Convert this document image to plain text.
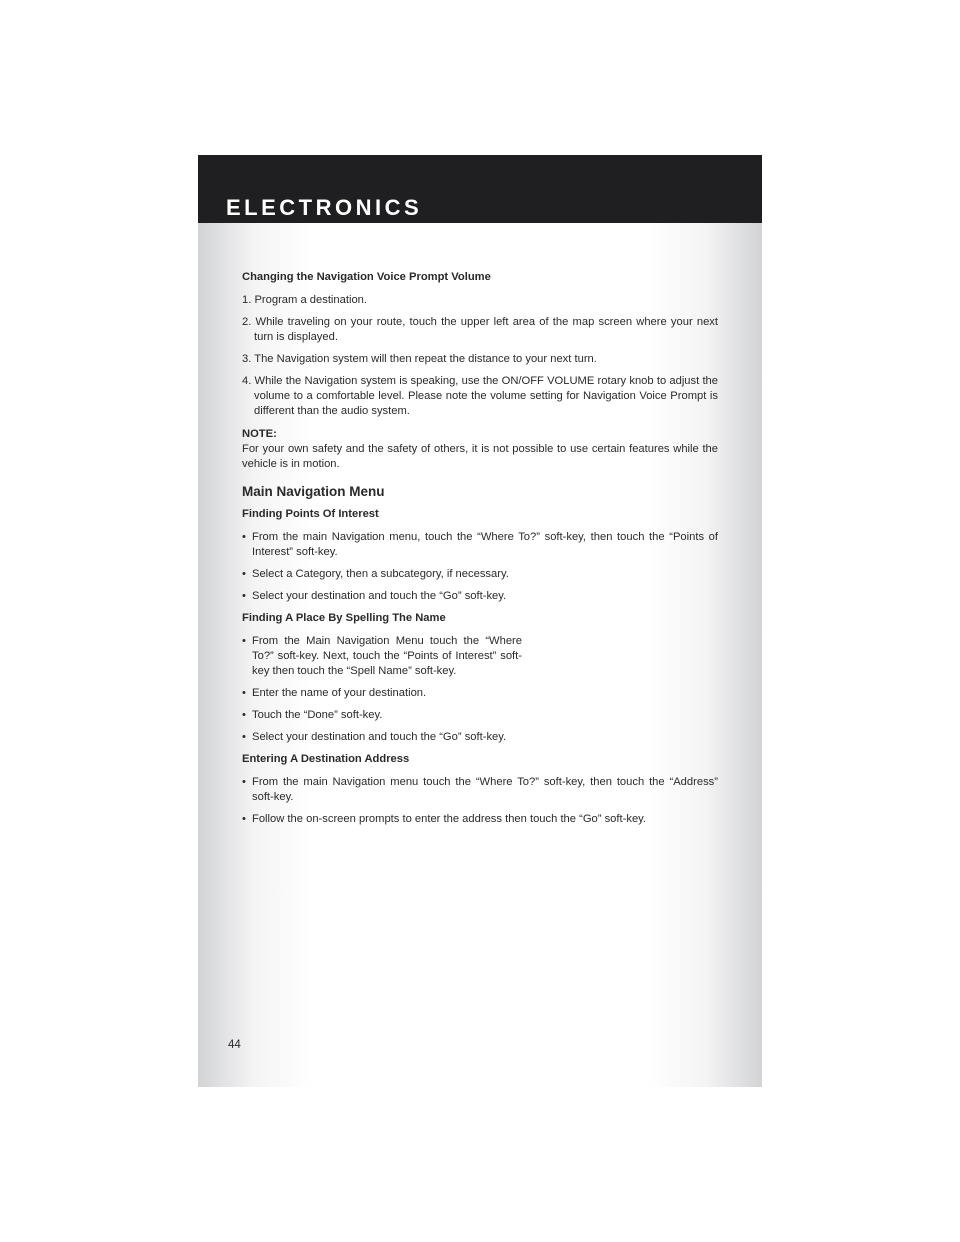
ELECTRONICS
Changing the Navigation Voice Prompt Volume
1. Program a destination.
2. While traveling on your route, touch the upper left area of the map screen where your next turn is displayed.
3. The Navigation system will then repeat the distance to your next turn.
4. While the Navigation system is speaking, use the ON/OFF VOLUME rotary knob to adjust the volume to a comfortable level. Please note the volume setting for Navigation Voice Prompt is different than the audio system.
NOTE:
For your own safety and the safety of others, it is not possible to use certain features while the vehicle is in motion.
Main Navigation Menu
Finding Points Of Interest
• From the main Navigation menu, touch the “Where To?” soft-key, then touch the “Points of Interest” soft-key.
• Select a Category, then a subcategory, if necessary.
• Select your destination and touch the “Go” soft-key.
Finding A Place By Spelling The Name
• From the Main Navigation Menu touch the “Where To?” soft-key. Next, touch the “Points of Interest” soft-key then touch the “Spell Name” soft-key.
• Enter the name of your destination.
• Touch the “Done” soft-key.
• Select your destination and touch the “Go” soft-key.
Entering A Destination Address
• From the main Navigation menu touch the “Where To?” soft-key, then touch the “Address” soft-key.
• Follow the on-screen prompts to enter the address then touch the “Go” soft-key.
44
